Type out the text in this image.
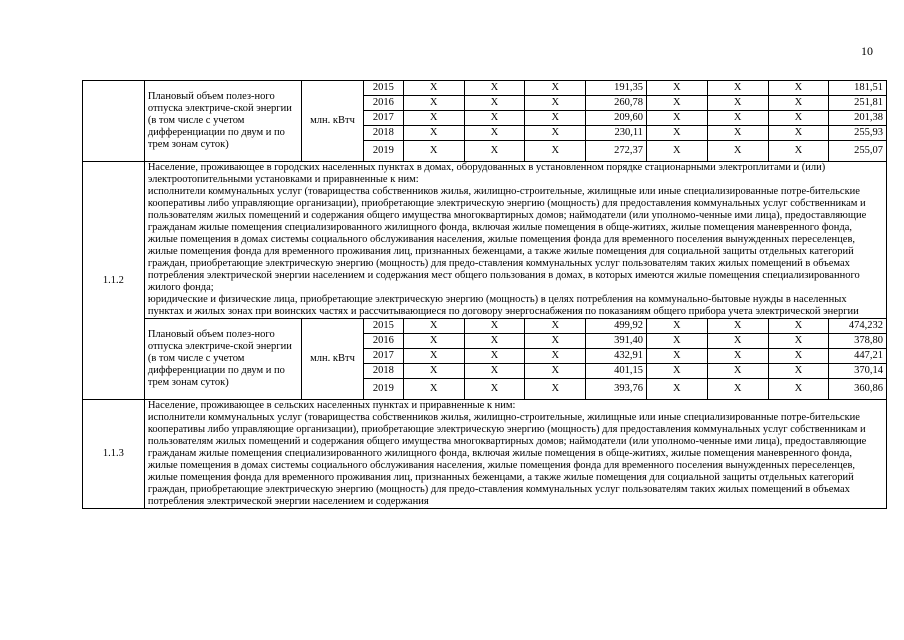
10
	Плановый объем полез-ного отпуска электриче-ской энергии (в том числе с учетом дифференциации по двум и по трем зонам суток)	млн. кВтч	2015	X	X	X	191,35	X	X	X	181,51
			2016	X	X	X	260,78	X	X	X	251,81
			2017	X	X	X	209,60	X	X	X	201,38
			2018	X	X	X	230,11	X	X	X	255,93
			2019	X	X	X	272,37	X	X	X	255,07
1.1.2	Население, проживающее в городских населенных пунктах в домах, оборудованных в установленном порядке стационарными электроплитами и (или) электроотопительными установками и приравненные к ним:

исполнители коммунальных услуг (товарищества собственников жилья, жилищно-строительные, жилищные или иные специализированные потре-бительские кооперативы либо управляющие организации), приобретающие электрическую энергию (мощность) для предоставления коммунальных услуг собственникам и пользователям жилых помещений и содержания общего имущества многоквартирных домов; наймодатели (или уполномо-ченные ими лица), предоставляющие гражданам жилые помещения специализированного жилищного фонда, включая жилые помещения в обще-житиях, жилые помещения маневренного фонда, жилые помещения в домах системы социального обслуживания населения, жилые помещения фонда для временного поселения вынужденных переселенцев, жилые помещения фонда для временного проживания лиц, признанных беженцами, а также жилые помещения для социальной защиты отдельных категорий граждан, приобретающие электрическую энергию (мощность) для предо-ставления коммунальных услуг пользователям таких жилых помещений в объемах потребления электрической энергии населением и содержания мест общего пользования в домах, в которых имеются жилые помещения специализированного жилого фонда;

юридические и физические лица, приобретающие электрическую энергию (мощность) в целях потребления на коммунально-бытовые нужды в населенных пунктах и жилых зонах при воинских частях и рассчитывающиеся по договору энергоснабжения по показаниям общего прибора учета электрической энергии										

	Плановый объем полез-ного отпуска электриче-ской энергии (в том числе с учетом дифференциации по двум и по трем зонам суток)	млн. кВтч	2015	X	X	X	499,92	X	X	X	474,232
			2016	X	X	X	391,40	X	X	X	378,80
			2017	X	X	X	432,91	X	X	X	447,21
			2018	X	X	X	401,15	X	X	X	370,14
			2019	X	X	X	393,76	X	X	X	360,86
1.1.3	Население, проживающее в сельских населенных пунктах и приравненные к ним:

исполнители коммунальных услуг (товарищества собственников жилья, жилищно-строительные, жилищные или иные специализированные потре-бительские кооперативы либо управляющие организации), приобретающие электрическую энергию (мощность) для предоставления коммунальных услуг собственникам и пользователям жилых помещений и содержания общего имущества многоквартирных домов; наймодатели (или уполномо-ченные ими лица), предоставляющие гражданам жилые помещения специализированного жилищного фонда, включая жилые помещения в обще-житиях, жилые помещения маневренного фонда, жилые помещения в домах системы социального обслуживания населения, жилые помещения фонда для временного поселения вынужденных переселенцев, жилые помещения фонда для временного проживания лиц, признанных беженцами, а также жилые помещения для социальной защиты отдельных категорий граждан, приобретающие электрическую энергию (мощность) для предо-ставления коммунальных услуг пользователям таких жилых помещений в объемах потребления электрической энергии населением и содержания										
